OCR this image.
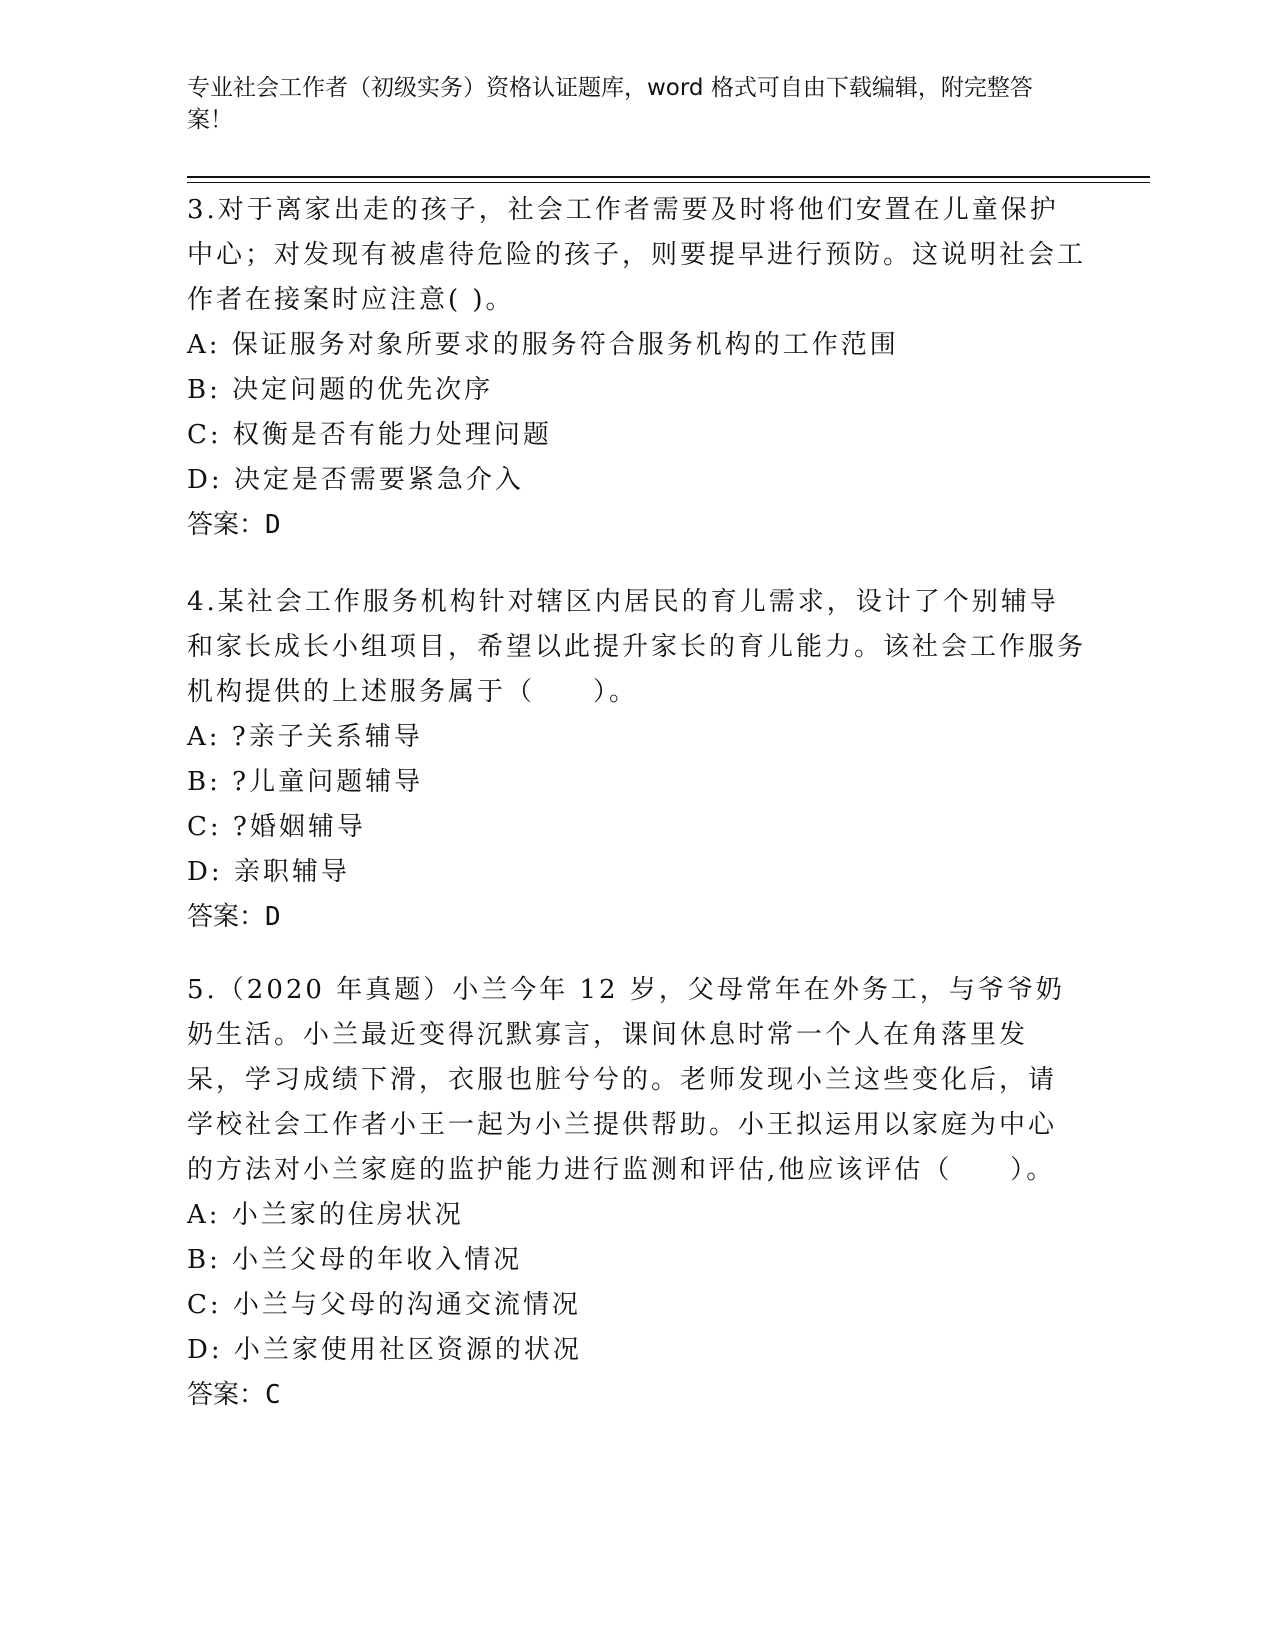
专业社会工作者（初级实务）资格认证题库，word 格式可自由下载编辑，附完整答案！

3.对于离家出走的孩子，社会工作者需要及时将他们安置在儿童保护中心；对发现有被虐待危险的孩子，则要提早进行预防。这说明社会工作者在接案时应注意( )。

A: 保证服务对象所要求的服务符合服务机构的工作范围

B: 决定问题的优先次序

C: 权衡是否有能力处理问题

D: 决定是否需要紧急介入

答案：D

4.某社会工作服务机构针对辖区内居民的育儿需求，设计了个别辅导和家长成长小组项目，希望以此提升家长的育儿能力。该社会工作服务机构提供的上述服务属于（　　）。

A: ?亲子关系辅导

B: ?儿童问题辅导

C: ?婚姻辅导

D: 亲职辅导

答案：D

5.（2020 年真题）小兰今年 12 岁，父母常年在外务工，与爷爷奶奶生活。小兰最近变得沉默寡言，课间休息时常一个人在角落里发呆，学习成绩下滑，衣服也脏兮兮的。老师发现小兰这些变化后，请学校社会工作者小王一起为小兰提供帮助。小王拟运用以家庭为中心的方法对小兰家庭的监护能力进行监测和评估,他应该评估（　　）。

A: 小兰家的住房状况

B: 小兰父母的年收入情况

C: 小兰与父母的沟通交流情况

D: 小兰家使用社区资源的状况

答案：C
